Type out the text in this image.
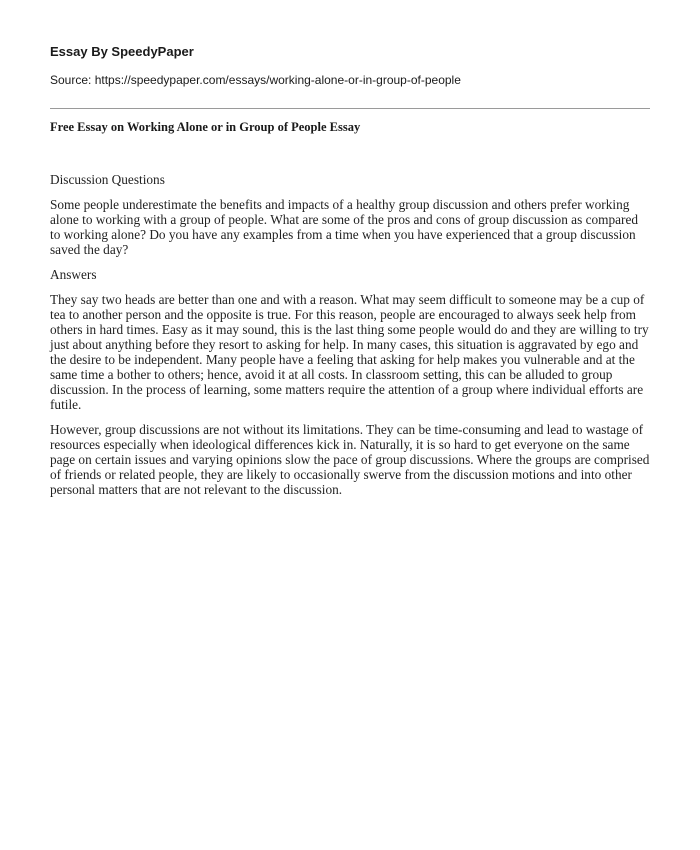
Essay By SpeedyPaper

Source: https://speedypaper.com/essays/working-alone-or-in-group-of-people

Free Essay on Working Alone or in Group of People Essay

Discussion Questions

Some people underestimate the benefits and impacts of a healthy group discussion and others prefer working alone to working with a group of people. What are some of the pros and cons of group discussion as compared to working alone? Do you have any examples from a time when you have experienced that a group discussion saved the day?

Answers

They say two heads are better than one and with a reason. What may seem difficult to someone may be a cup of tea to another person and the opposite is true. For this reason, people are encouraged to always seek help from others in hard times. Easy as it may sound, this is the last thing some people would do and they are willing to try just about anything before they resort to asking for help. In many cases, this situation is aggravated by ego and the desire to be independent. Many people have a feeling that asking for help makes you vulnerable and at the same time a bother to others; hence, avoid it at all costs. In classroom setting, this can be alluded to group discussion. In the process of learning, some matters require the attention of a group where individual efforts are futile.

However, group discussions are not without its limitations. They can be time-consuming and lead to wastage of resources especially when ideological differences kick in. Naturally, it is so hard to get everyone on the same page on certain issues and varying opinions slow the pace of group discussions. Where the groups are comprised of friends or related people, they are likely to occasionally swerve from the discussion motions and into other personal matters that are not relevant to the discussion.
